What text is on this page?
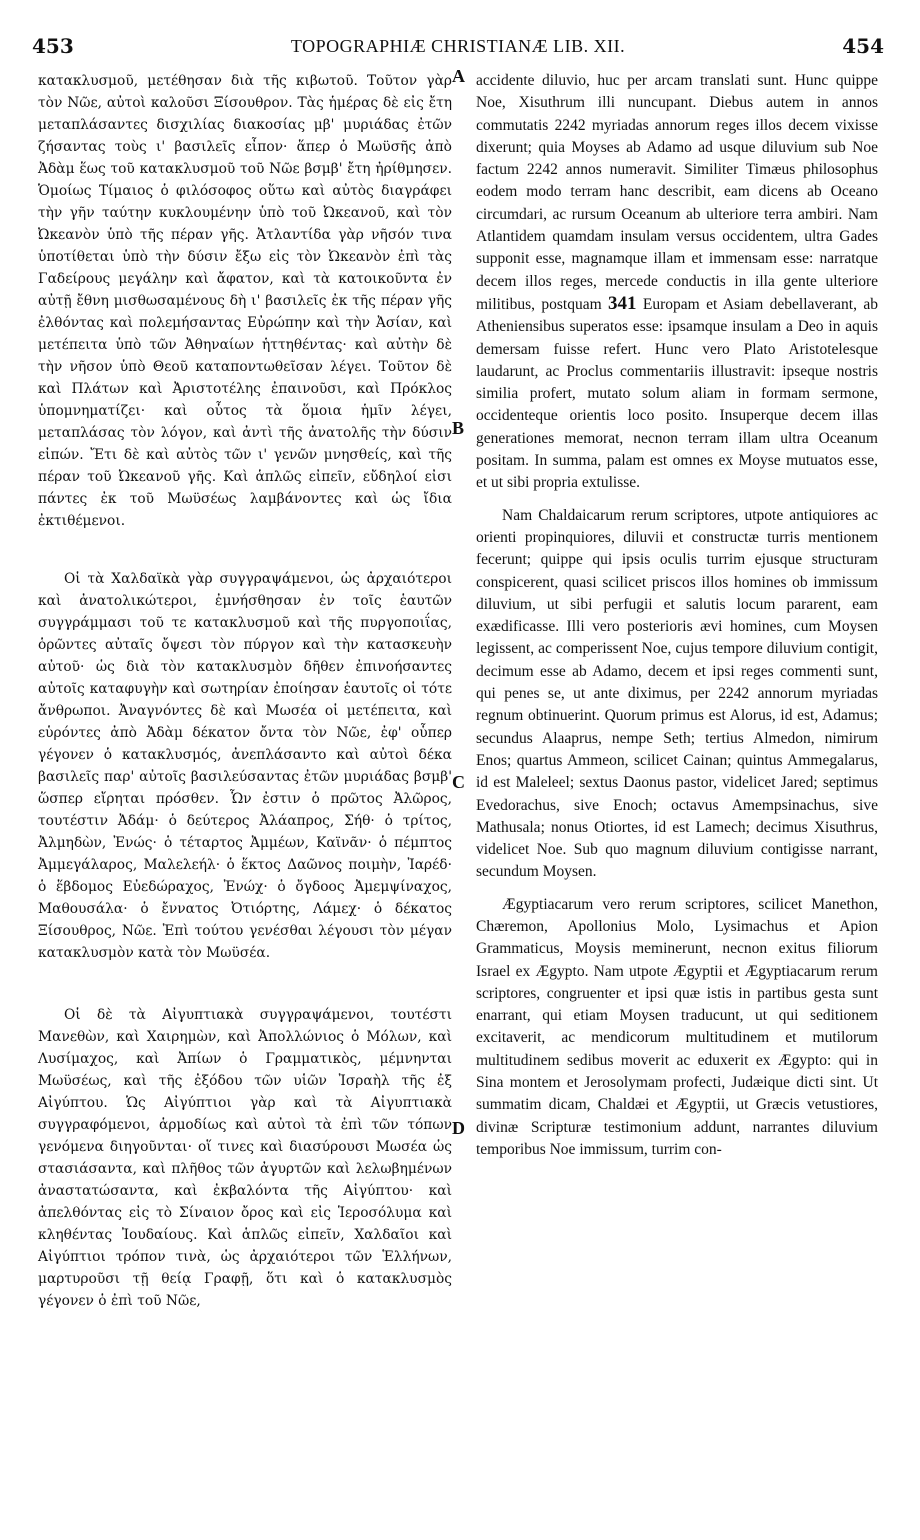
453	TOPOGRAPHIÆ CHRISTIANÆ LIB. XII.	454

κατακλυσμοῦ, μετέθησαν διὰ τῆς κιβωτοῦ. Τοῦτον γὰρ τὸν Νῶε, αὐτοὶ καλοῦσι Ξίσουθρον. Τὰς ἡμέρας δὲ εἰς ἔτη μεταπλάσαντες δισχιλίας διακοσίας μβ' μυριάδας ἐτῶν ζήσαντας τοὺς ι' βασιλεῖς εἶπον· ἅπερ ὁ Μωϋσῆς ἀπὸ Ἀδὰμ ἕως τοῦ κατακλυσμοῦ τοῦ Νῶε βσμβ' ἔτη ἠρίθμησεν. Ὁμοίως Τίμαιος ὁ φιλόσοφος οὕτω καὶ αὐτὸς διαγράφει τὴν γῆν ταύτην κυκλουμένην ὑπὸ τοῦ Ὠκεανοῦ, καὶ τὸν Ὠκεανὸν ὑπὸ τῆς πέραν γῆς. Ἀτλαντίδα γὰρ νῆσόν τινα ὑποτίθεται ὑπὸ τὴν δύσιν ἔξω εἰς τὸν Ὠκεανὸν ἐπὶ τὰς Γαδείρους μεγάλην καὶ ἄφατον, καὶ τὰ κατοικοῦντα ἐν αὐτῇ ἔθνη μισθωσαμένους δὴ ι' βασιλεῖς ἐκ τῆς πέραν γῆς ἐλθόντας καὶ πολεμήσαντας Εὐρώπην καὶ τὴν Ἀσίαν, καὶ μετέπειτα ὑπὸ τῶν Ἀθηναίων ἡττηθέντας· καὶ αὐτὴν δὲ τὴν νῆσον ὑπὸ Θεοῦ καταποντωθεῖσαν λέγει. Τοῦτον δὲ καὶ Πλάτων καὶ Ἀριστοτέλης ἐπαινοῦσι, καὶ Πρόκλος ὑπομνηματίζει· καὶ οὗτος τὰ ὅμοια ἡμῖν λέγει, μεταπλάσας τὸν λόγον, καὶ ἀντὶ τῆς ἀνατολῆς τὴν δύσιν εἰπών. Ἔτι δὲ καὶ αὐτὸς τῶν ι' γενῶν μνησθείς, καὶ τῆς πέραν τοῦ Ὠκεανοῦ γῆς. Καὶ ἁπλῶς εἰπεῖν, εὔδηλοί εἰσι πάντες ἐκ τοῦ Μωϋσέως λαμβάνοντες καὶ ὡς ἴδια ἐκτιθέμενοι.

Οἱ τὰ Χαλδαϊκὰ γὰρ συγγραψάμενοι, ὡς ἀρχαιότεροι καὶ ἀνατολικώτεροι, ἐμνήσθησαν ἐν τοῖς ἑαυτῶν συγγράμμασι τοῦ τε κατακλυσμοῦ καὶ τῆς πυργοποιΐας, ὁρῶντες αὐταῖς ὄψεσι τὸν πύργον καὶ τὴν κατασκευὴν αὐτοῦ· ὡς διὰ τὸν κατακλυσμὸν δῆθεν ἐπινοήσαντες αὐτοῖς καταφυγὴν καὶ σωτηρίαν ἐποίησαν ἑαυτοῖς οἱ τότε ἄνθρωποι. Ἀναγνόντες δὲ καὶ Μωσέα οἱ μετέπειτα, καὶ εὑρόντες ἀπὸ Ἀδὰμ δέκατον ὄντα τὸν Νῶε, ἐφ' οὗπερ γέγονεν ὁ κατακλυσμός, ἀνεπλάσαντο καὶ αὐτοὶ δέκα βασιλεῖς παρ' αὐτοῖς βασιλεύσαντας ἐτῶν μυριάδας βσμβ' ὥσπερ εἴρηται πρόσθεν. Ὧν ἐστιν ὁ πρῶτος Ἀλῶρος, τουτέστιν Ἀδάμ· ὁ δεύτερος Ἀλάαπρος, Σήθ· ὁ τρίτος, Ἀλμηδὼν, Ἐνώς· ὁ τέταρτος Ἀμμέων, Καϊνᾶν· ὁ πέμπτος Ἀμμεγάλαρος, Μαλελεήλ· ὁ ἕκτος Δαῶνος ποιμὴν, Ἰαρέδ· ὁ ἕβδομος Εὐεδώραχος, Ἐνώχ· ὁ ὄγδοος Ἀμεμψίναχος, Μαθουσάλα· ὁ ἔννατος Ὀτιόρτης, Λάμεχ· ὁ δέκατος Ξίσουθρος, Νῶε. Ἐπὶ τούτου γενέσθαι λέγουσι τὸν μέγαν κατακλυσμὸν κατὰ τὸν Μωϋσέα.

Οἱ δὲ τὰ Αἰγυπτιακὰ συγγραψάμενοι, τουτέστι Μανεθὼν, καὶ Χαιρημὼν, καὶ Ἀπολλώνιος ὁ Μόλων, καὶ Λυσίμαχος, καὶ Ἀπίων ὁ Γραμματικὸς, μέμνηνται Μωϋσέως, καὶ τῆς ἐξόδου τῶν υἱῶν Ἰσραὴλ τῆς ἐξ Αἰγύπτου. Ὡς Αἰγύπτιοι γὰρ καὶ τὰ Αἰγυπτιακὰ συγγραφόμενοι, ἁρμοδίως καὶ αὐτοὶ τὰ ἐπὶ τῶν τόπων γενόμενα διηγοῦνται· οἵ τινες καὶ διασύρουσι Μωσέα ὡς στασιάσαντα, καὶ πλῆθος τῶν ἀγυρτῶν καὶ λελωβημένων ἀναστατώσαντα, καὶ ἐκβαλόντα τῆς Αἰγύπτου· καὶ ἀπελθόντας εἰς τὸ Σίναιον ὄρος καὶ εἰς Ἱεροσόλυμα καὶ κληθέντας Ἰουδαίους. Καὶ ἁπλῶς εἰπεῖν, Χαλδαῖοι καὶ Αἰγύπτιοι τρόπον τινὰ, ὡς ἀρχαιότεροι τῶν Ἑλλήνων, μαρτυροῦσι τῇ θείᾳ Γραφῇ, ὅτι καὶ ὁ κατακλυσμὸς γέγονεν ὁ ἐπὶ τοῦ Νῶε,

A
B
C
D

accidente diluvio, huc per arcam translati sunt. Hunc quippe Noe, Xisuthrum illi nuncupant. Diebus autem in annos commutatis 2242 myriadas annorum reges illos decem vixisse dixerunt; quia Moyses ab Adamo ad usque diluvium sub Noe factum 2242 annos numeravit. Similiter Timæus philosophus eodem modo terram hanc describit, eam dicens ab Oceano circumdari, ac rursum Oceanum ab ulteriore terra ambiri. Nam Atlantidem quamdam insulam versus occidentem, ultra Gades supponit esse, magnamque illam et immensam esse: narratque decem illos reges, mercede conductis in illa gente ulteriore militibus, postquam 341 Europam et Asiam debellaverant, ab Atheniensibus superatos esse: ipsamque insulam a Deo in aquis demersam fuisse refert. Hunc vero Plato Aristotelesque laudarunt, ac Proclus commentariis illustravit: ipseque nostris similia profert, mutato solum aliam in formam sermone, occidenteque orientis loco posito. Insuperque decem illas generationes memorat, necnon terram illam ultra Oceanum positam. In summa, palam est omnes ex Moyse mutuatos esse, et ut sibi propria extulisse.

Nam Chaldaicarum rerum scriptores, utpote antiquiores ac orienti propinquiores, diluvii et constructæ turris mentionem fecerunt; quippe qui ipsis oculis turrim ejusque structuram conspicerent, quasi scilicet priscos illos homines ob immissum diluvium, ut sibi perfugii et salutis locum pararent, eam exædificasse. Illi vero posterioris ævi homines, cum Moysen legissent, ac comperissent Noe, cujus tempore diluvium contigit, decimum esse ab Adamo, decem et ipsi reges commenti sunt, qui penes se, ut ante diximus, per 2242 annorum myriadas regnum obtinuerint. Quorum primus est Alorus, id est, Adamus; secundus Alaaprus, nempe Seth; tertius Almedon, nimirum Enos; quartus Ammeon, scilicet Cainan; quintus Ammegalarus, id est Maleleel; sextus Daonus pastor, videlicet Jared; septimus Evedorachus, sive Enoch; octavus Amempsinachus, sive Mathusala; nonus Otiortes, id est Lamech; decimus Xisuthrus, videlicet Noe. Sub quo magnum diluvium contigisse narrant, secundum Moysen.

Ægyptiacarum vero rerum scriptores, scilicet Manethon, Chæremon, Apollonius Molo, Lysimachus et Apion Grammaticus, Moysis meminerunt, necnon exitus filiorum Israel ex Ægypto. Nam utpote Ægyptii et Ægyptiacarum rerum scriptores, congruenter et ipsi quæ istis in partibus gesta sunt enarrant, qui etiam Moysen traducunt, ut qui seditionem excitaverit, ac mendicorum multitudinem et mutilorum multitudinem sedibus moverit ac eduxerit ex Ægypto: qui in Sina montem et Jerosolymam profecti, Judæique dicti sint. Ut summatim dicam, Chaldæi et Ægyptii, ut Græcis vetustiores, divinæ Scripturæ testimonium addunt, narrantes diluvium temporibus Noe immissum, turrim con-
